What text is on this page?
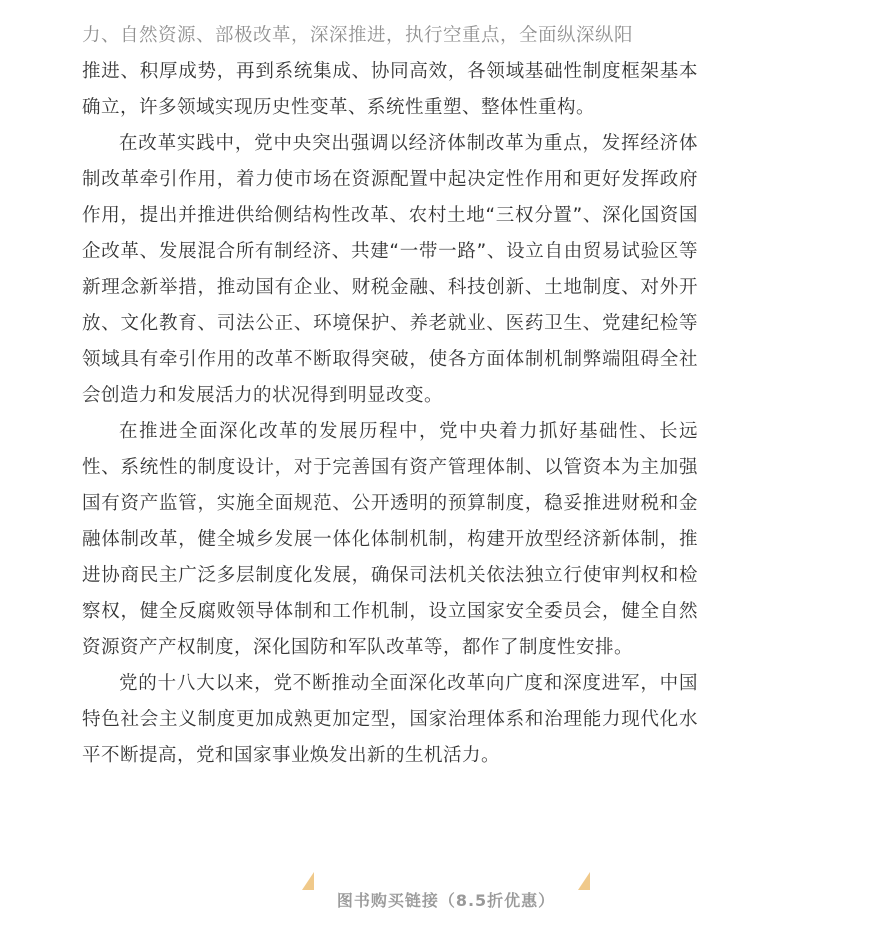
力、自然资源、部极改革，深深推进，执行空重点，全面纵深纵阳

推进、积厚成势，再到系统集成、协同高效，各领域基础性制度框架基本确立，许多领域实现历史性变革、系统性重塑、整体性重构。

在改革实践中，党中央突出强调以经济体制改革为重点，发挥经济体制改革牵引作用，着力使市场在资源配置中起决定性作用和更好发挥政府作用，提出并推进供给侧结构性改革、农村土地“三权分置”、深化国资国企改革、发展混合所有制经济、共建“一带一路”、设立自由贸易试验区等新理念新举措，推动国有企业、财税金融、科技创新、土地制度、对外开放、文化教育、司法公正、环境保护、养老就业、医药卫生、党建纪检等领域具有牵引作用的改革不断取得突破，使各方面体制机制弊端阻碍全社会创造力和发展活力的状况得到明显改变。

在推进全面深化改革的发展历程中，党中央着力抓好基础性、长远性、系统性的制度设计，对于完善国有资产管理体制、以管资本为主加强国有资产监管，实施全面规范、公开透明的预算制度，稳妥推进财税和金融体制改革，健全城乡发展一体化体制机制，构建开放型经济新体制，推进协商民主广泛多层制度化发展，确保司法机关依法独立行使审判权和检察权，健全反腐败领导体制和工作机制，设立国家安全委员会，健全自然资源资产产权制度，深化国防和军队改革等，都作了制度性安排。

党的十八大以来，党不断推动全面深化改革向广度和深度进军，中国特色社会主义制度更加成熟更加定型，国家治理体系和治理能力现代化水平不断提高，党和国家事业焕发出新的生机活力。

图书购买链接（8.5折优惠）
